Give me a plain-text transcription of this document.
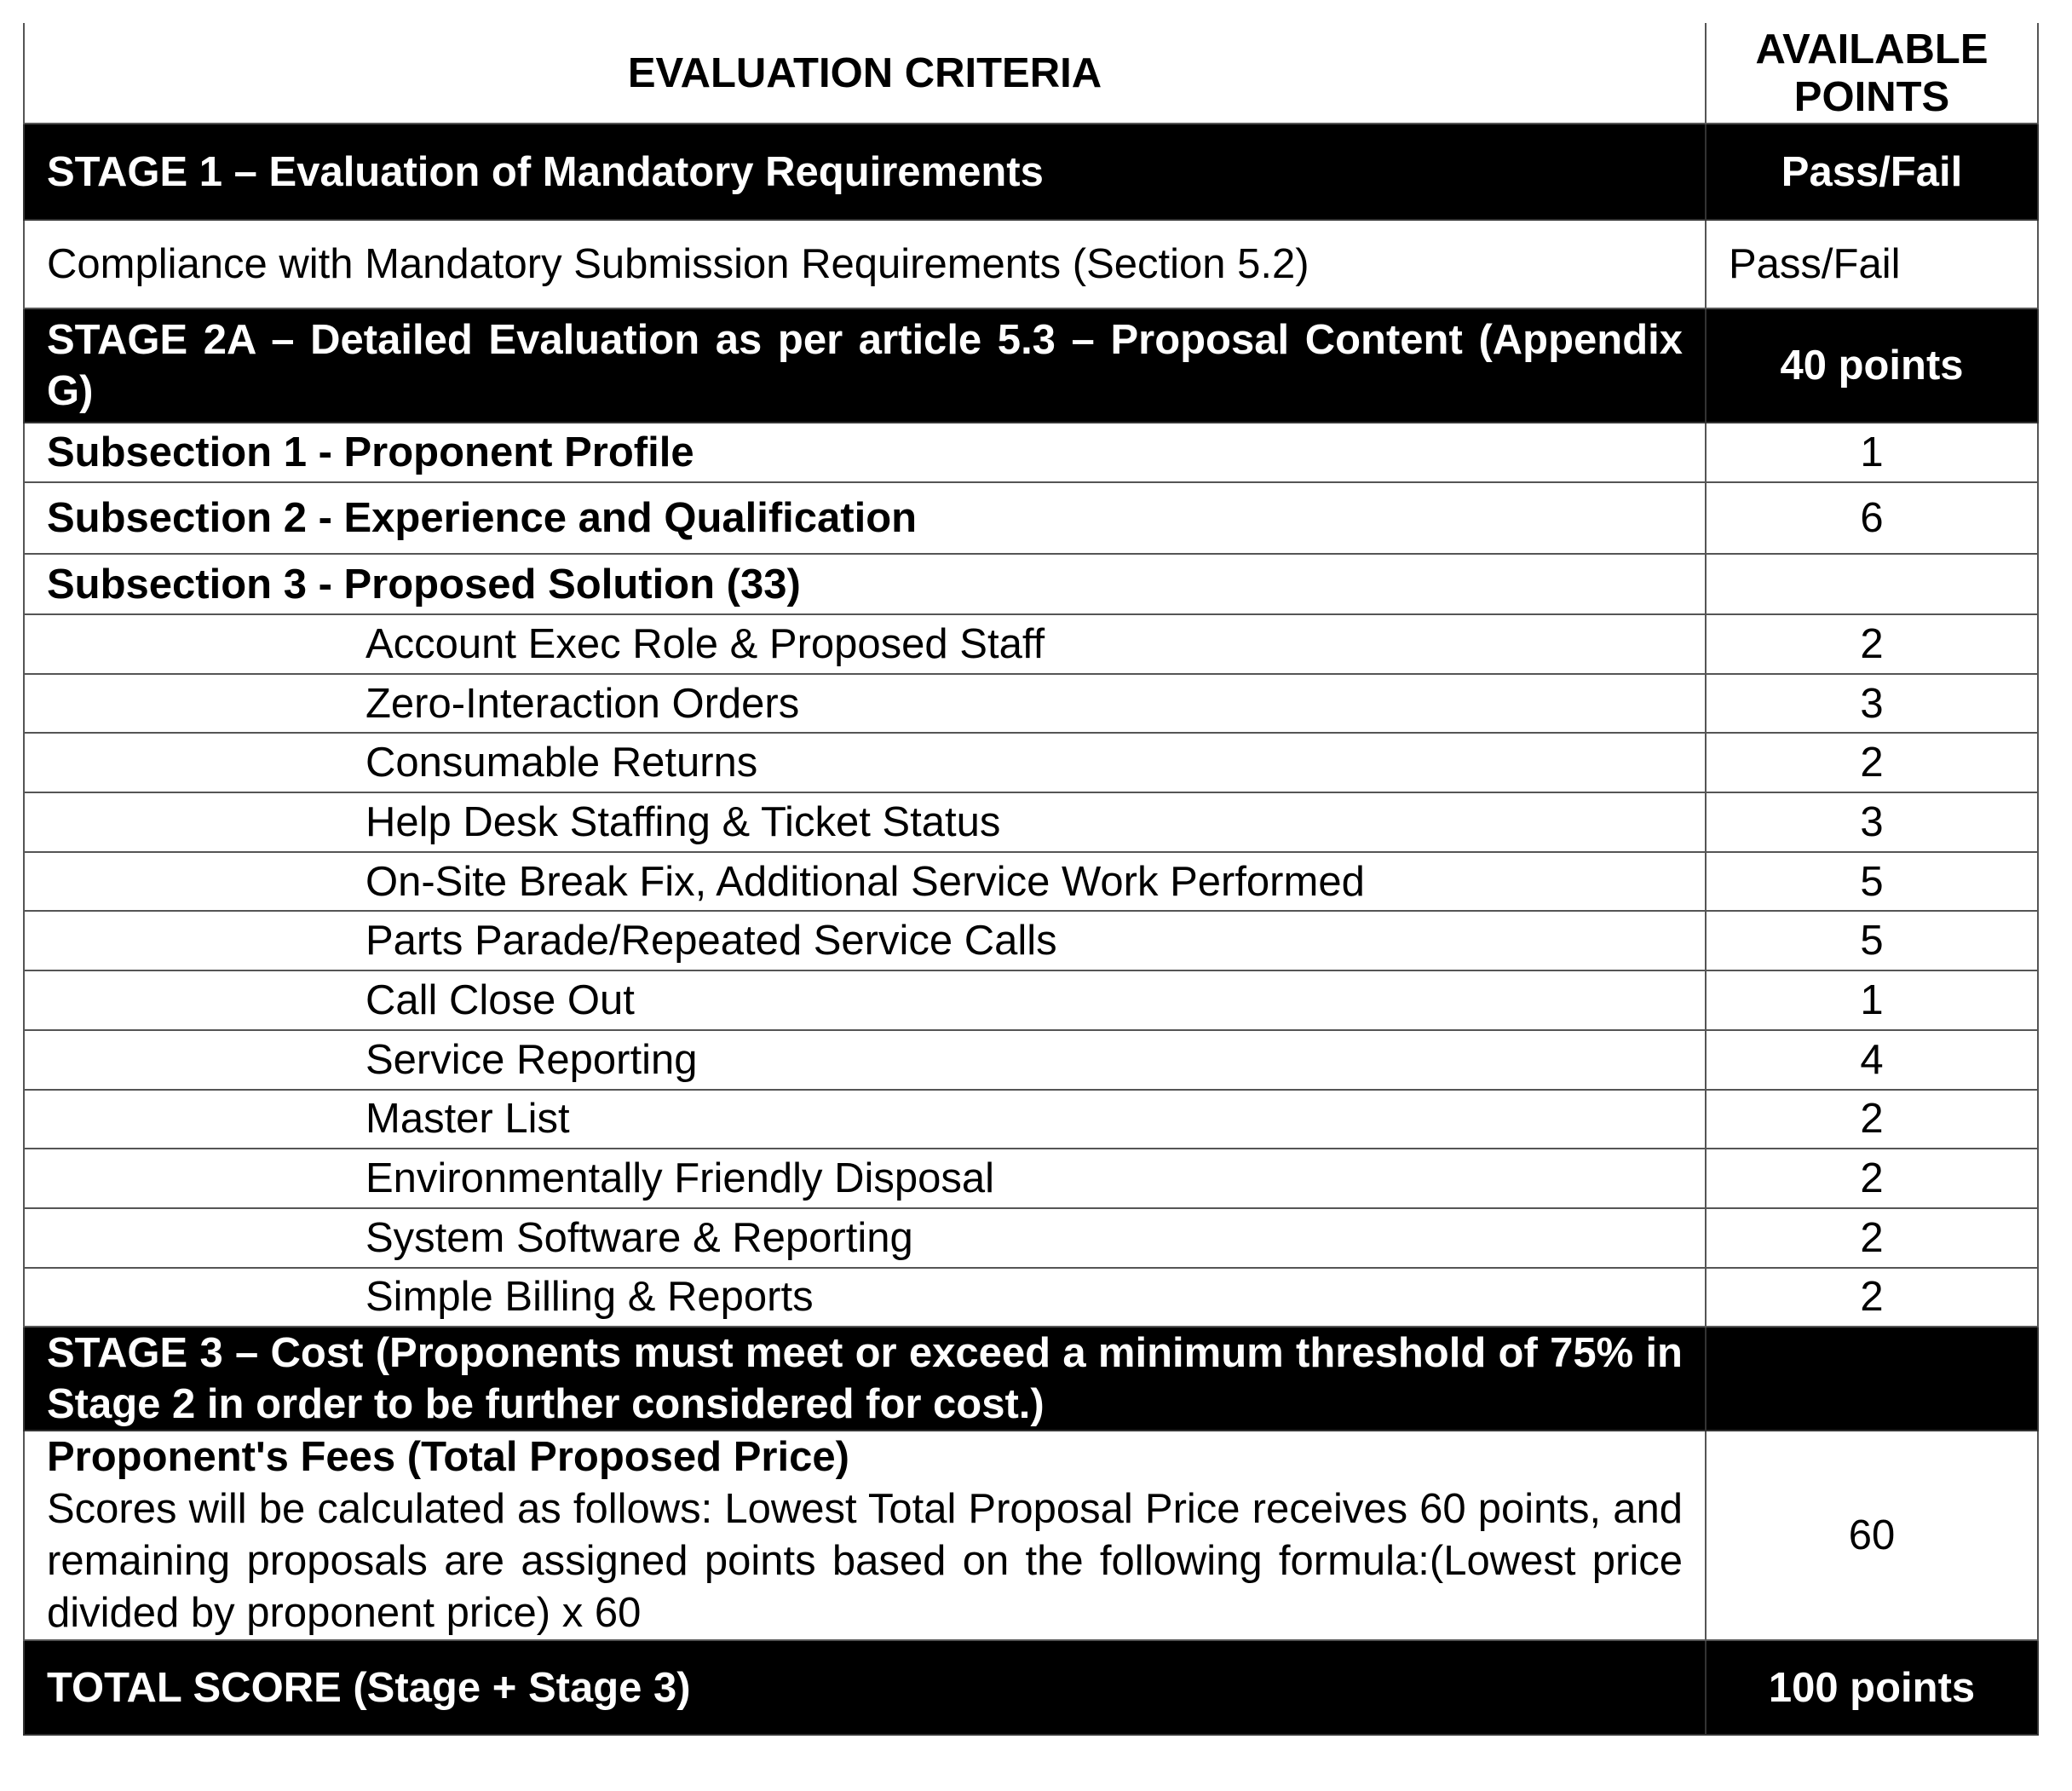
EVALUATION CRITERIA	AVAILABLE POINTS
STAGE 1 – Evaluation of Mandatory Requirements	Pass/Fail
Compliance with Mandatory Submission Requirements (Section 5.2)	Pass/Fail
STAGE 2A – Detailed Evaluation as per article 5.3 – Proposal Content (Appendix G)	40 points
Subsection 1 - Proponent Profile	1
Subsection 2 - Experience and Qualification	6
Subsection 3 - Proposed Solution (33)	
Account Exec Role & Proposed Staff	2
Zero-Interaction Orders	3
Consumable Returns	2
Help Desk Staffing & Ticket Status	3
On-Site Break Fix, Additional Service Work Performed	5
Parts Parade/Repeated Service Calls	5
Call Close Out	1
Service Reporting	4
Master List	2
Environmentally Friendly Disposal	2
System Software & Reporting	2
Simple Billing & Reports	2
STAGE 3 – Cost (Proponents must meet or exceed a minimum threshold of 75% in Stage 2 in order to be further considered for cost.)	

Proponent's Fees (Total Proposed Price)
Scores will be calculated as follows: Lowest Total Proposal Price receives 60 points, and remaining proposals are assigned points based on the following formula:(Lowest price divided by proponent price) x 60	60
TOTAL SCORE (Stage + Stage 3)	100 points
